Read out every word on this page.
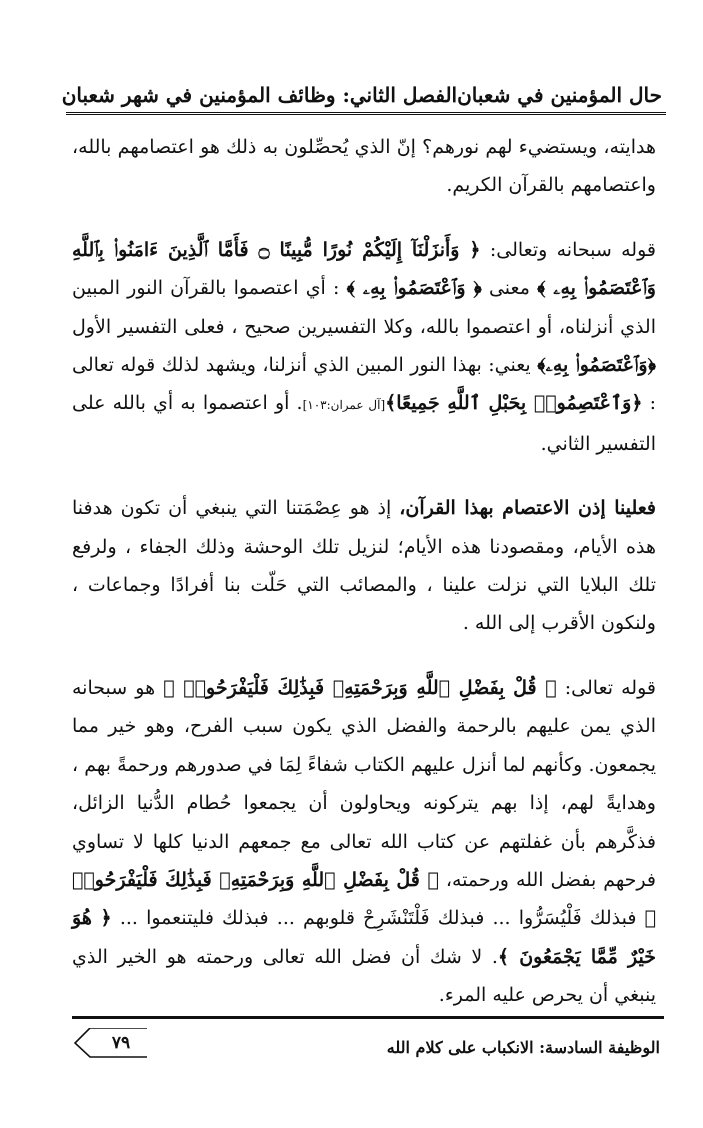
حال المؤمنين في شعبان
الفصل الثاني: وظائف المؤمنين في شهر شعبان

هدايته، ويستضيء لهم نورهم؟ إنّ الذي يُحصِّلون به ذلك هو اعتصامهم بالله، واعتصامهم بالقرآن الكريم.

قوله سبحانه وتعالى: ﴿ وَأَنزَلْنَآ إِلَيْكُمْ نُورًا مُّبِينًا ۝ فَأَمَّا ٱلَّذِينَ ءَامَنُوا۟ بِٱللَّهِ وَٱعْتَصَمُوا۟ بِهِۦ ﴾ معنى ﴿ وَٱعْتَصَمُوا۟ بِهِۦ ﴾ : أي اعتصموا بالقرآن النور المبين الذي أنزلناه، أو اعتصموا بالله، وكلا التفسيرين صحيح ، فعلى التفسير الأول ﴿وَٱعْتَصَمُوا۟ بِهِۦ﴾ يعني: بهذا النور المبين الذي أنزلنا، ويشهد لذلك قوله تعالى : ﴿وَٱعْتَصِمُوا۟ بِحَبْلِ ٱللَّهِ جَمِيعًا﴾[آل عمران:١٠٣]. أو اعتصموا به أي بالله على التفسير الثاني.

فعلينا إذن الاعتصام بهذا القرآن، إذ هو عِصْمَتنا التي ينبغي أن تكون هدفنا هذه الأيام، ومقصودنا هذه الأيام؛ لنزيل تلك الوحشة وذلك الجفاء ، ولرفع تلك البلايا التي نزلت علينا ، والمصائب التي حَلّت بنا أفرادًا وجماعات ، ولنكون الأقرب إلى الله .

قوله تعالى: ﴿ قُلْ بِفَضْلِ ٱللَّهِ وَبِرَحْمَتِهِۦ فَبِذَٰلِكَ فَلْيَفْرَحُوا۟ ﴾ هو سبحانه الذي يمن عليهم بالرحمة والفضل الذي يكون سبب الفرح، وهو خير مما يجمعون. وكأنهم لما أنزل عليهم الكتاب شفاءً لِمَا في صدورهم ورحمةً بهم ، وهدايةً لهم، إذا بهم يتركونه ويحاولون أن يجمعوا حُطام الدُّنيا الزائل، فذكَّرهم بأن غفلتهم عن كتاب الله تعالى مع جمعهم الدنيا كلها لا تساوي فرحهم بفضل الله ورحمته، ﴿ قُلْ بِفَضْلِ ٱللَّهِ وَبِرَحْمَتِهِۦ فَبِذَٰلِكَ فَلْيَفْرَحُوا۟ ﴾ فبذلك فَلْيُسَرُّوا ... فبذلك فَلْتَنْشَرِحْ قلوبهم ... فبذلك فليتنعموا ... ﴿ هُوَ خَيْرٌ مِّمَّا يَجْمَعُونَ ﴾. لا شك أن فضل الله تعالى ورحمته هو الخير الذي ينبغي أن يحرص عليه المرء.

الوظيفة السادسة: الانكباب على كلام الله
٧٩
